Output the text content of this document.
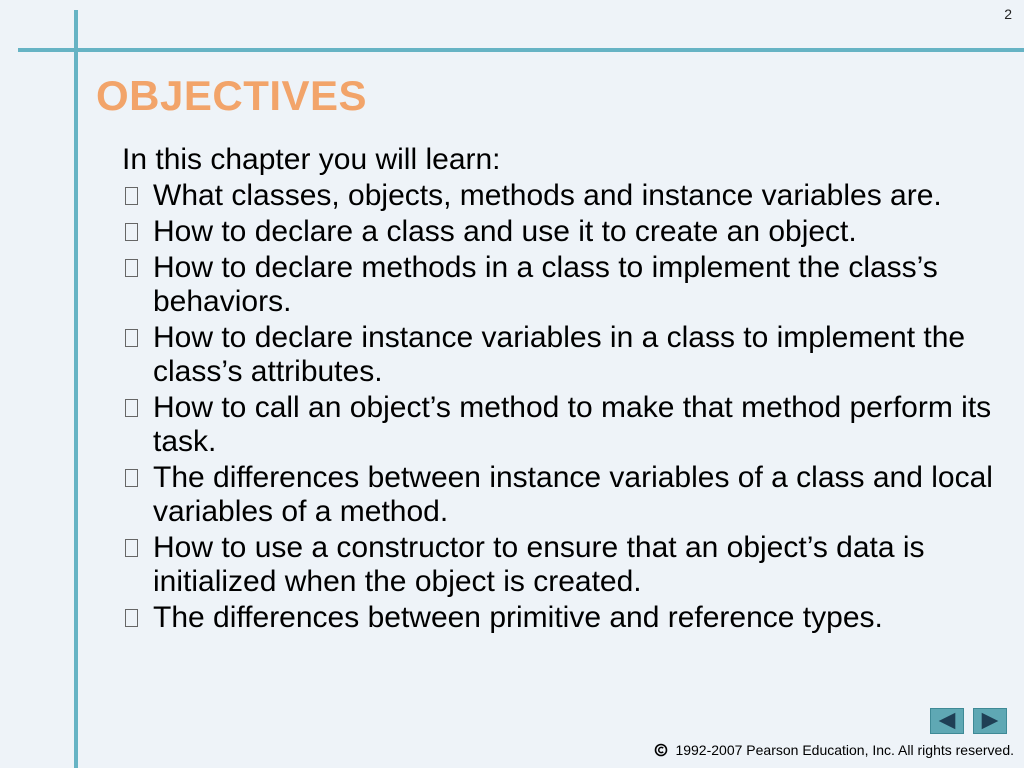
2
OBJECTIVES
In this chapter you will learn:
What classes, objects, methods and instance variables are.
How to declare a class and use it to create an object.
How to declare methods in a class to implement the class’s behaviors.
How to declare instance variables in a class to implement the class’s attributes.
How to call an object’s method to make that method perform its task.
The differences between instance variables of a class and local variables of a method.
How to use a constructor to ensure that an object’s data is initialized when the object is created.
The differences between primitive and reference types.
1992-2007 Pearson Education, Inc. All rights reserved.
